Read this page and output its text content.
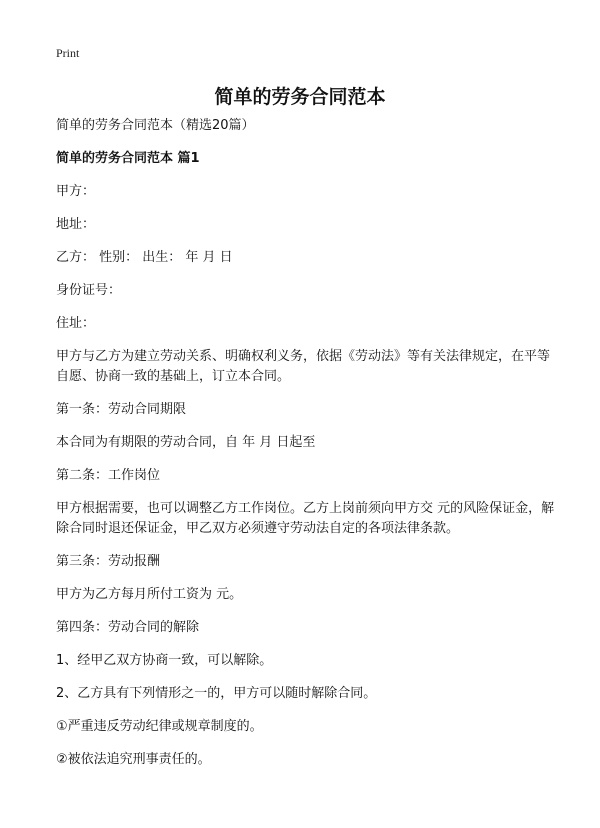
Print
简单的劳务合同范本

简单的劳务合同范本（精选20篇）

简单的劳务合同范本 篇1

甲方：

地址：

乙方： 性别： 出生： 年 月 日

身份证号：

住址：

甲方与乙方为建立劳动关系、明确权利义务，依据《劳动法》等有关法律规定，在平等自愿、协商一致的基础上，订立本合同。

第一条：劳动合同期限

本合同为有期限的劳动合同，自 年 月 日起至

第二条：工作岗位

甲方根据需要，也可以调整乙方工作岗位。乙方上岗前须向甲方交 元的风险保证金，解除合同时退还保证金，甲乙双方必须遵守劳动法自定的各项法律条款。

第三条：劳动报酬

甲方为乙方每月所付工资为 元。

第四条：劳动合同的解除

1、经甲乙双方协商一致，可以解除。

2、乙方具有下列情形之一的，甲方可以随时解除合同。

①严重违反劳动纪律或规章制度的。

②被依法追究刑事责任的。
